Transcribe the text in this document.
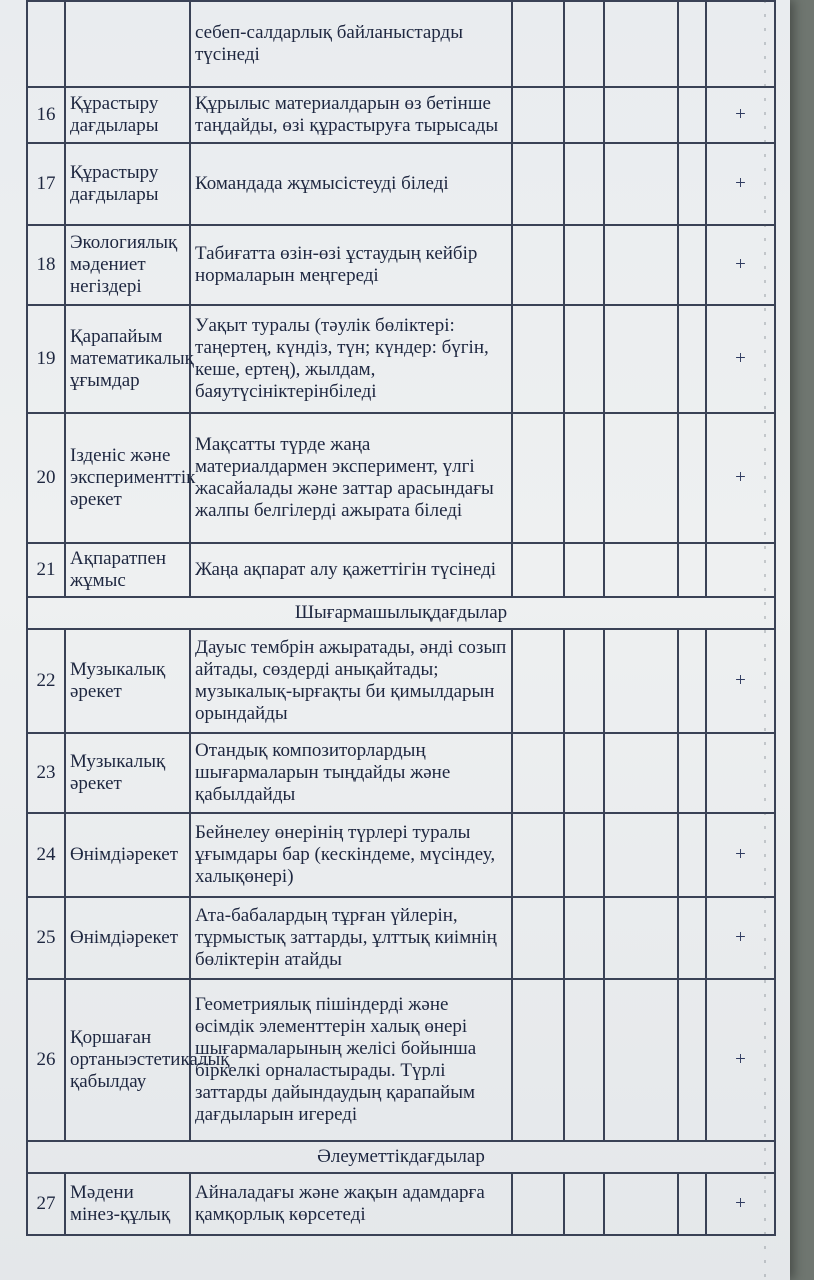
		себеп-салдарлық байланыстарды түсінеді					
16	Құрастыру дағдылары	Құрылыс материалдарын өз бетінше таңдайды, өзі құрастыруға тырысады					+
17	Құрастыру дағдылары	Командада жұмысістеуді біледі					+
18	Экологиялық мәдениет негіздері	Табиғатта өзін-өзі ұстаудың кейбір нормаларын меңгереді					+
19	Қарапайым математикалық ұғымдар	Уақыт туралы (тәулік бөліктері: таңертең, күндіз, түн; күндер: бүгін, кеше, ертең), жылдам, баяутүсініктерінбіледі					+
20	Ізденіс және эксперименттік әрекет	Мақсатты түрде жаңа материалдармен эксперимент, үлгі жасайалады және заттар арасындағы жалпы белгілерді ажырата біледі					+
21	Ақпаратпен жұмыс	Жаңа ақпарат алу қажеттігін түсінеді					
Шығармашылықдағдылар							
22	Музыкалық әрекет	Дауыс тембрін ажыратады, әнді созып айтады, сөздерді анықайтады; музыкалық-ырғақты би қимылдарын орындайды					+
23	Музыкалық әрекет	Отандық композиторлардың шығармаларын тыңдайды және қабылдайды					
24	Өнімдіәрекет	Бейнелеу өнерінің түрлері туралы ұғымдары бар (кескіндеме, мүсіндеу, халықөнері)					+
25	Өнімдіәрекет	Ата-бабалардың тұрған үйлерін, тұрмыстық заттарды, ұлттық киімнің бөліктерін атайды					+
26	Қоршаған ортаныэстетикалық қабылдау	Геометриялық пішіндерді және өсімдік элементтерін халық өнері шығармаларының желісі бойынша біркелкі орналастырады. Түрлі заттарды дайындаудың қарапайым дағдыларын игереді					+
Әлеуметтікдағдылар							
27	Мәдени мінез-құлық	Айналадағы және жақын адамдарға қамқорлық көрсетеді					+
